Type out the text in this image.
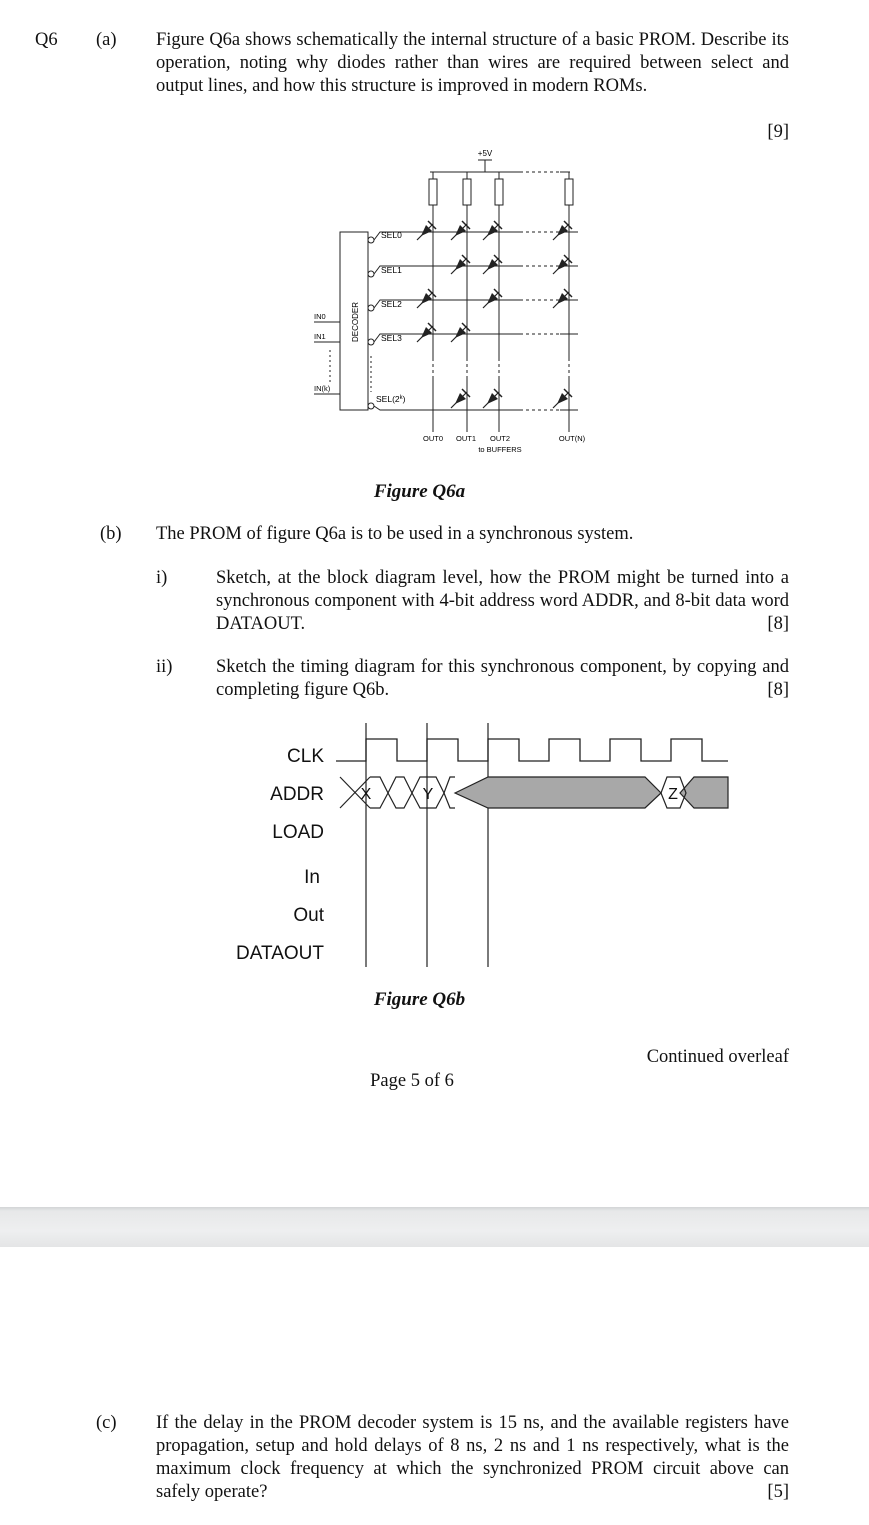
Q6 (a) Figure Q6a shows schematically the internal structure of a basic PROM. Describe its operation, noting why diodes rather than wires are required between select and output lines, and how this structure is improved in modern ROMs.
[9]
+5V
DECODER
IN0
IN1
IN(k)
SEL0
SEL1
SEL2
SEL3
SEL(2$^k$)
OUT0 OUT1 OUT2	OUT(N)
to BUFFERS
Figure Q6a
(b) The PROM of figure Q6a is to be used in a synchronous system.
i)	Sketch, at the block diagram level, how the PROM might be turned into a synchronous component with 4-bit address word ADDR, and 8-bit data word DATAOUT.	[8]
ii) Sketch the timing diagram for this synchronous component, by copying and completing figure Q6b.	[8]
CLK
ADDR
LOAD
In
Out
DATAOUT
X	Y	Z
Figure Q6b
Continued overleaf
Page 5 of 6
(c) If the delay in the PROM decoder system is 15 ns, and the available registers have propagation, setup and hold delays of 8 ns, 2 ns and 1 ns respectively, what is the maximum clock frequency at which the synchronized PROM circuit above can safely operate?	[5]
